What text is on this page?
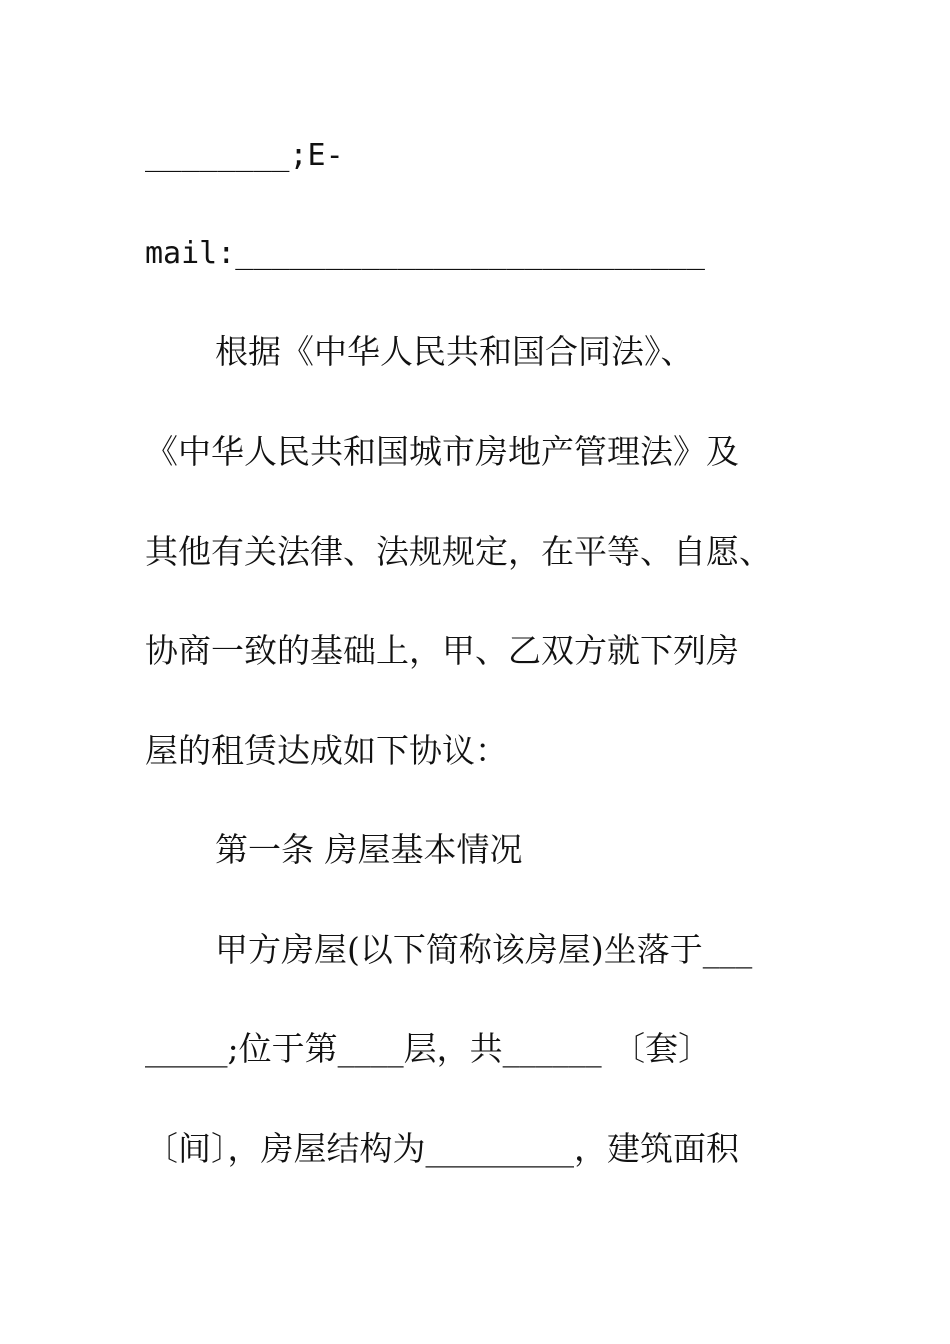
________;E-
mail:__________________________
根据《中华人民共和国合同法》、
《中华人民共和国城市房地产管理法》及
其他有关法律、法规规定，在平等、自愿、
协商一致的基础上，甲、乙双方就下列房
屋的租赁达成如下协议：
第一条 房屋基本情况
甲方房屋(以下简称该房屋)坐落于___
_____;位于第____层，共______ 〔套〕
〔间〕，房屋结构为_________，建筑面积
